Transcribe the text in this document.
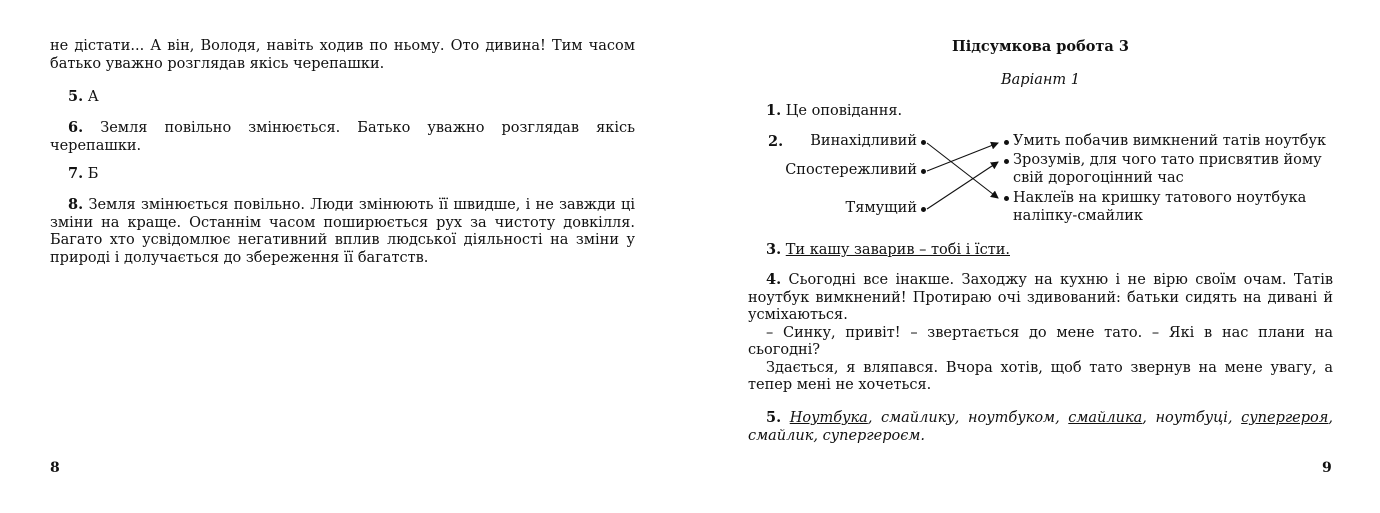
не дістати... А він, Володя, навіть ходив по ньому. Ото дивина! Тим часом батько уважно розглядав якісь черепашки.

5. А

6. Земля повільно змінюється. Батько уважно розглядав якісь черепашки.

7. Б

8. Земля змінюється повільно. Люди змінюють її швидше, і не завжди ці зміни на краще. Останнім часом поширюється рух за чистоту довкілля. Багато хто усвідомлює негативний вплив людської діяльності на зміни у природі і долучається до збереження її багатств.

8
Підсумкова робота 3
Варіант 1

1. Це оповідання.

2. Винахідливий
Спостережливий
Тямущий
Умить побачив вимкнений татів ноутбук
Зрозумів, для чого тато присвятив йому свій дорогоцінний час
Наклеїв на кришку татового ноутбука наліпку-смайлик

3. Ти кашу заварив – тобі і їсти.

4. Сьогодні все інакше. Заходжу на кухню і не вірю своїм очам. Татів ноутбук вимкнений! Протираю очі здивований: батьки сидять на дивані й усміхаються.
– Синку, привіт! – звертається до мене тато. – Які в нас плани на сьогодні?
Здається, я вляпався. Вчора хотів, щоб тато звернув на мене увагу, а тепер мені не хочеться.

5. Ноутбука, смайлику, ноутбуком, смайлика, ноутбуці, супергероя, смайлик, супергероєм.

9
